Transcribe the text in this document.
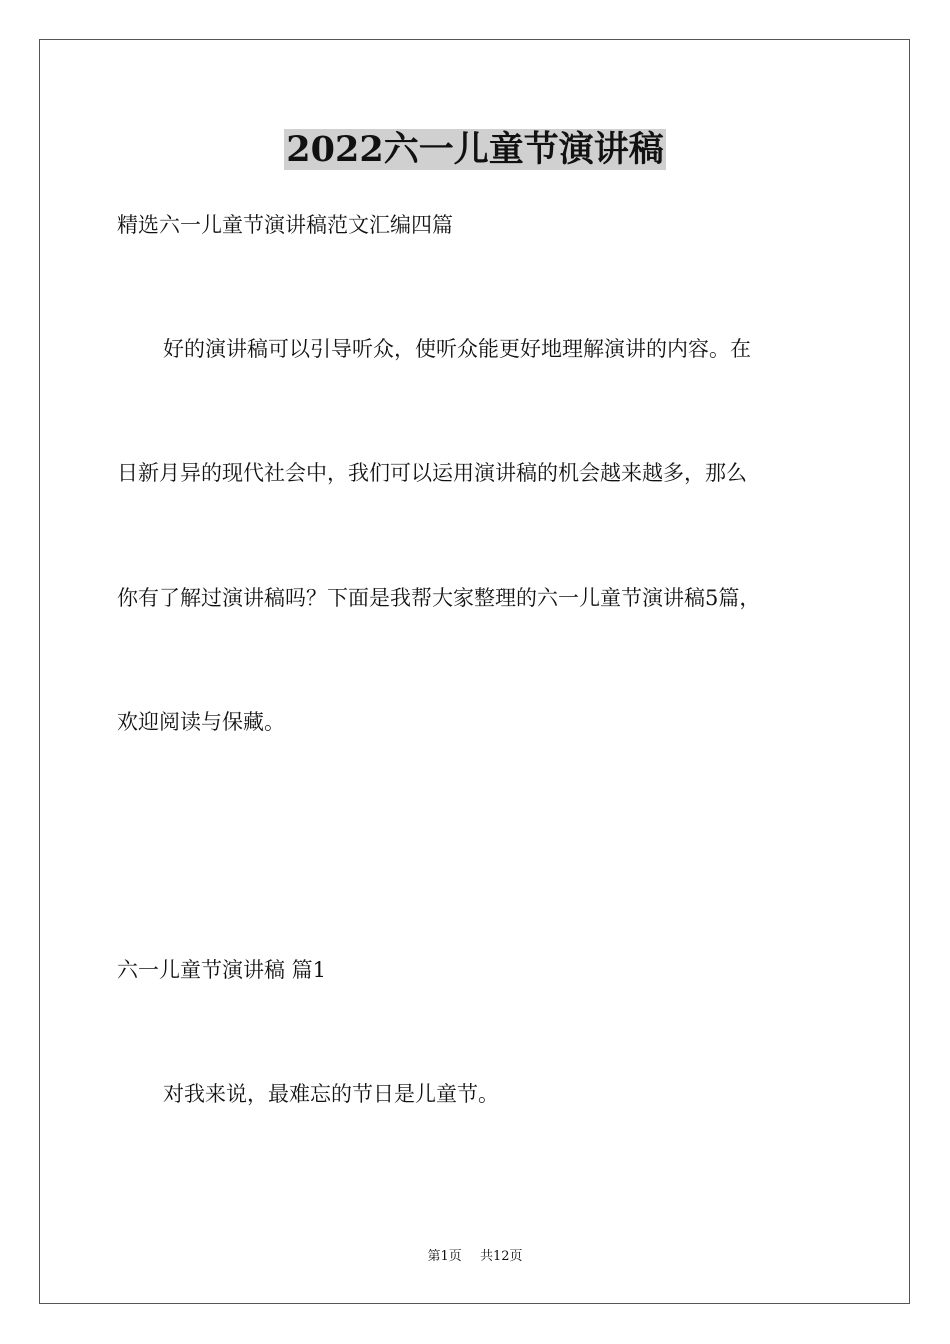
2022六一儿童节演讲稿

精选六一儿童节演讲稿范文汇编四篇

好的演讲稿可以引导听众，使听众能更好地理解演讲的内容。在

日新月异的现代社会中，我们可以运用演讲稿的机会越来越多，那么

你有了解过演讲稿吗？下面是我帮大家整理的六一儿童节演讲稿5篇，

欢迎阅读与保藏。

六一儿童节演讲稿 篇1

对我来说，最难忘的节日是儿童节。

第1页 共12页
